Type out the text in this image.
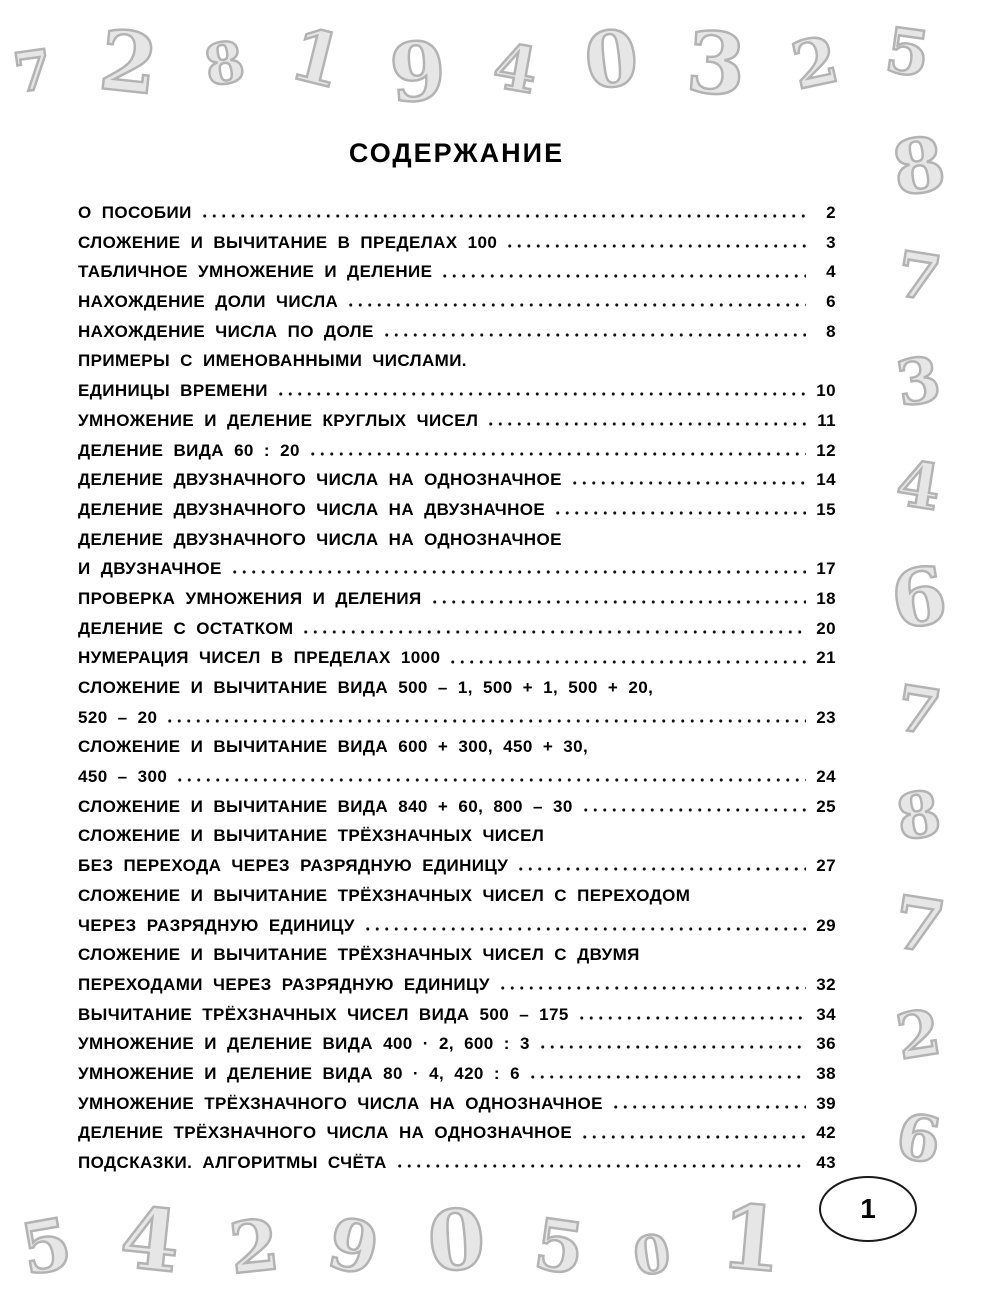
7 2 8 1 9 4 0 3 2 5
8
7
3
4
6
7
8
7
2
6
5 4 2 9 0 5 0 1
СОДЕРЖАНИЕ
О ПОСОБИИ	2
СЛОЖЕНИЕ И ВЫЧИТАНИЕ В ПРЕДЕЛАХ 100	3
ТАБЛИЧНОЕ УМНОЖЕНИЕ И ДЕЛЕНИЕ	4
НАХОЖДЕНИЕ ДОЛИ ЧИСЛА	6
НАХОЖДЕНИЕ ЧИСЛА ПО ДОЛЕ	8
ПРИМЕРЫ С ИМЕНОВАННЫМИ ЧИСЛАМИ.
ЕДИНИЦЫ ВРЕМЕНИ	10
УМНОЖЕНИЕ И ДЕЛЕНИЕ КРУГЛЫХ ЧИСЕЛ	11
ДЕЛЕНИЕ ВИДА 60 : 20	12
ДЕЛЕНИЕ ДВУЗНАЧНОГО ЧИСЛА НА ОДНОЗНАЧНОЕ	14
ДЕЛЕНИЕ ДВУЗНАЧНОГО ЧИСЛА НА ДВУЗНАЧНОЕ	15
ДЕЛЕНИЕ ДВУЗНАЧНОГО ЧИСЛА НА ОДНОЗНАЧНОЕ
И ДВУЗНАЧНОЕ	17
ПРОВЕРКА УМНОЖЕНИЯ И ДЕЛЕНИЯ	18
ДЕЛЕНИЕ С ОСТАТКОМ	20
НУМЕРАЦИЯ ЧИСЕЛ В ПРЕДЕЛАХ 1000	21
СЛОЖЕНИЕ И ВЫЧИТАНИЕ ВИДА 500 – 1, 500 + 1, 500 + 20,
520 – 20	23
СЛОЖЕНИЕ И ВЫЧИТАНИЕ ВИДА 600 + 300, 450 + 30,
450 – 300	24
СЛОЖЕНИЕ И ВЫЧИТАНИЕ ВИДА 840 + 60, 800 – 30	25
СЛОЖЕНИЕ И ВЫЧИТАНИЕ ТРЁХЗНАЧНЫХ ЧИСЕЛ
БЕЗ ПЕРЕХОДА ЧЕРЕЗ РАЗРЯДНУЮ ЕДИНИЦУ	27
СЛОЖЕНИЕ И ВЫЧИТАНИЕ ТРЁХЗНАЧНЫХ ЧИСЕЛ С ПЕРЕХОДОМ
ЧЕРЕЗ РАЗРЯДНУЮ ЕДИНИЦУ	29
СЛОЖЕНИЕ И ВЫЧИТАНИЕ ТРЁХЗНАЧНЫХ ЧИСЕЛ С ДВУМЯ
ПЕРЕХОДАМИ ЧЕРЕЗ РАЗРЯДНУЮ ЕДИНИЦУ	32
ВЫЧИТАНИЕ ТРЁХЗНАЧНЫХ ЧИСЕЛ ВИДА 500 – 175	34
УМНОЖЕНИЕ И ДЕЛЕНИЕ ВИДА 400 · 2, 600 : 3	36
УМНОЖЕНИЕ И ДЕЛЕНИЕ ВИДА 80 · 4, 420 : 6	38
УМНОЖЕНИЕ ТРЁХЗНАЧНОГО ЧИСЛА НА ОДНОЗНАЧНОЕ	39
ДЕЛЕНИЕ ТРЁХЗНАЧНОГО ЧИСЛА НА ОДНОЗНАЧНОЕ	42
ПОДСКАЗКИ. АЛГОРИТМЫ СЧЁТА	43
1
